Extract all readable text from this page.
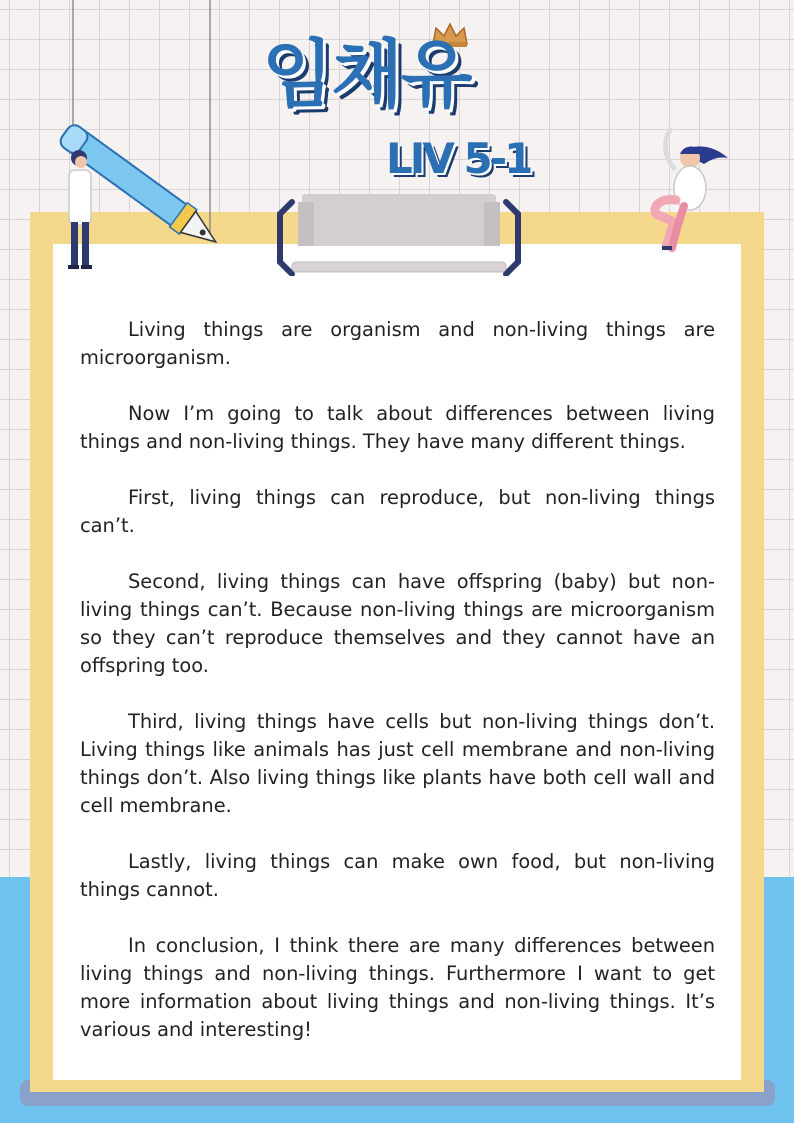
임채유
LIV 5-1

Living things are organism and non-living things are microorganism.

Now I’m going to talk about differences between living things and non-living things. They have many different things.

First, living things can reproduce, but non-living things can’t.

Second, living things can have offspring (baby) but non-living things can’t. Because non-living things are microorganism so they can’t reproduce themselves and they cannot have an offspring too.

Third, living things have cells but non-living things don’t. Living things like animals has just cell membrane and non-living things don’t. Also living things like plants have both cell wall and cell membrane.

Lastly, living things can make own food, but non-living things cannot.

In conclusion, I think there are many differences between living things and non-living things. Furthermore I want to get more information about living things and non-living things. It’s various and interesting!
